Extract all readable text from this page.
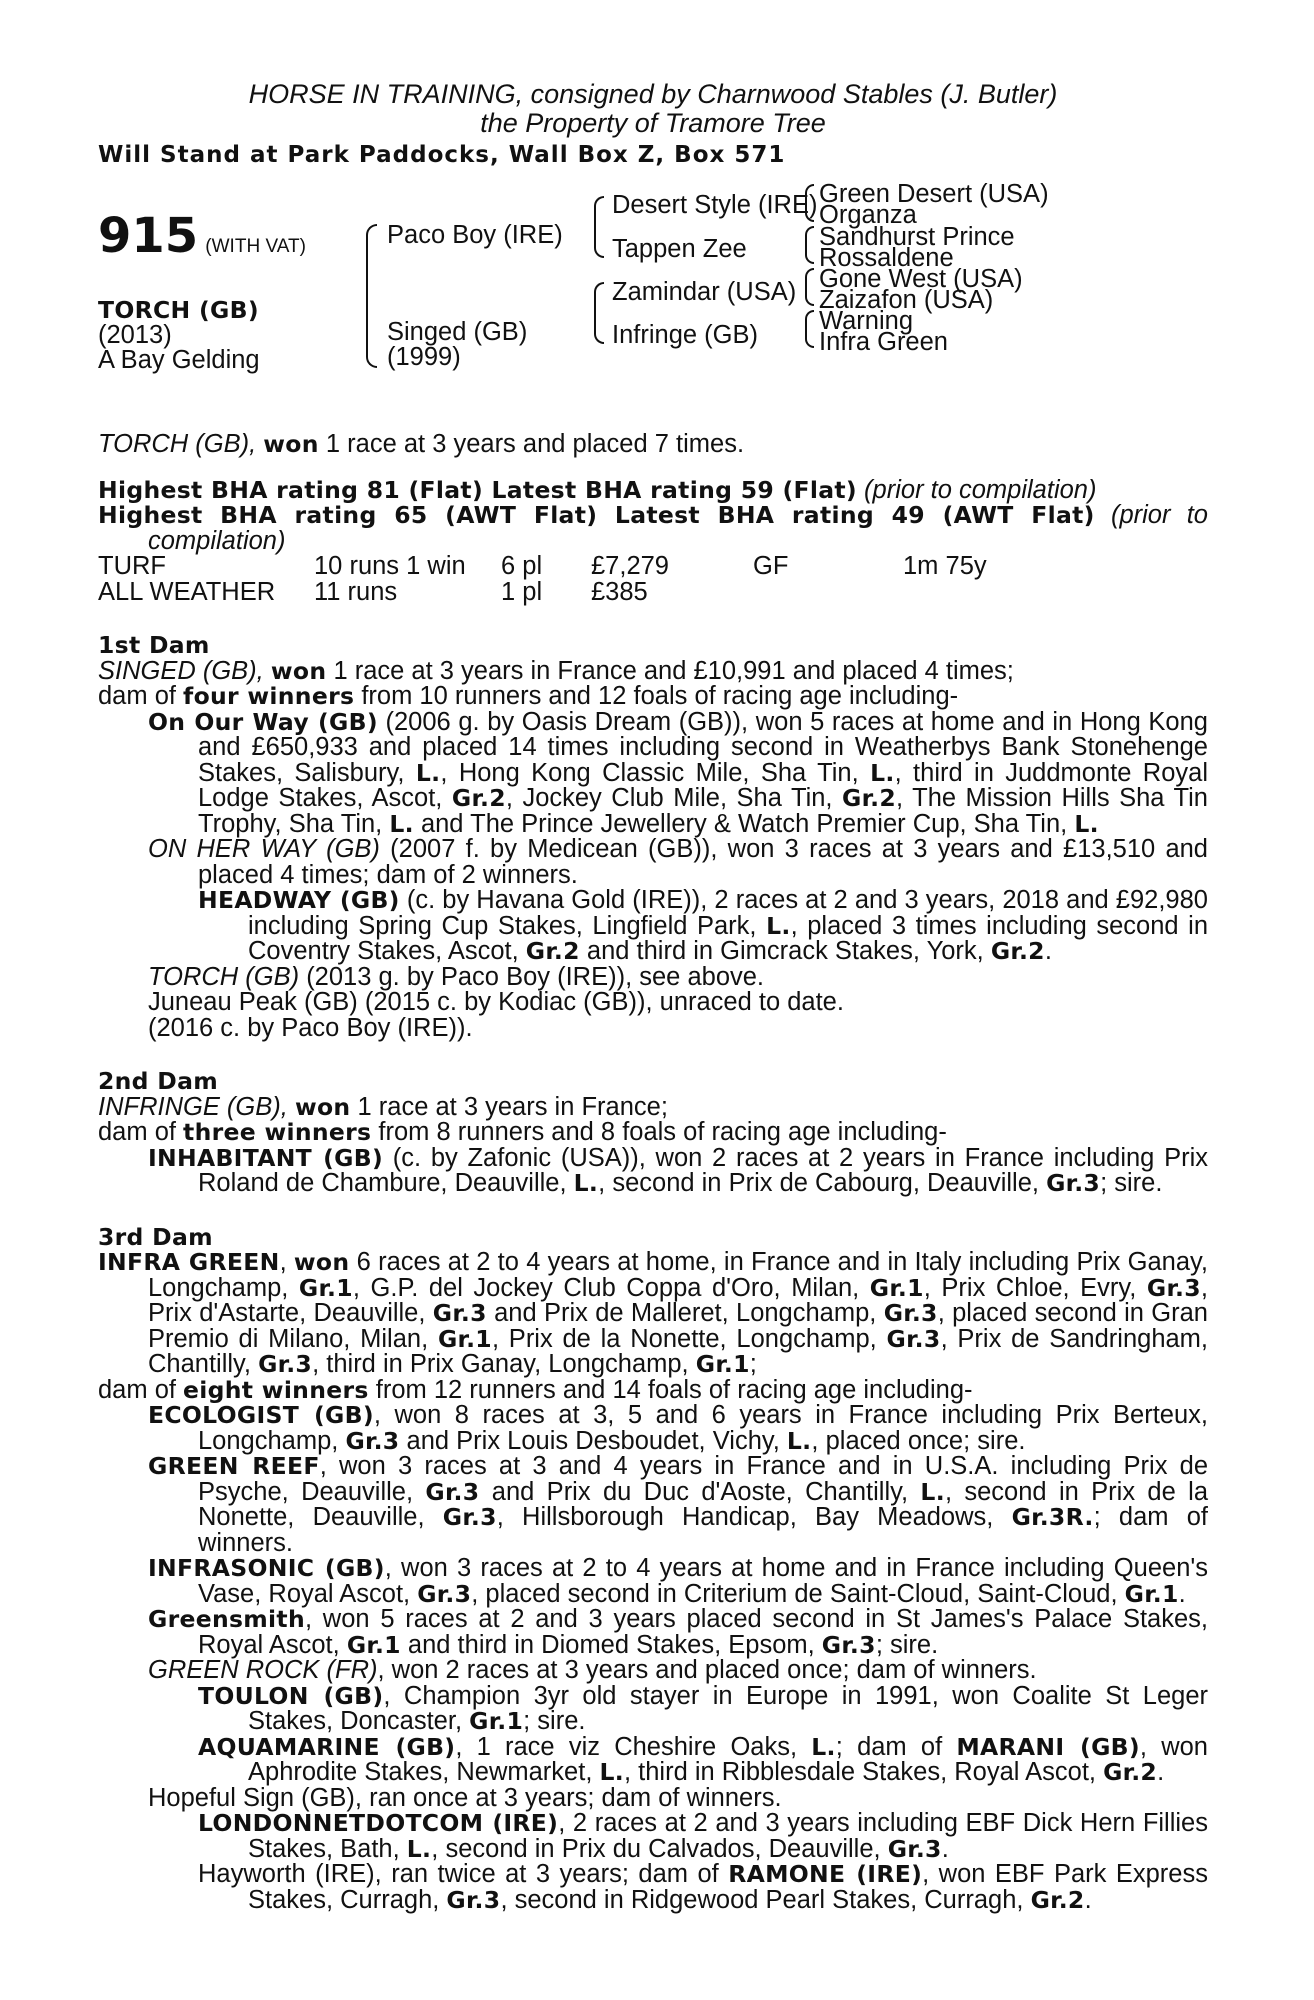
HORSE IN TRAINING, consigned by Charnwood Stables (J. Butler)
the Property of Tramore Tree
Will Stand at Park Paddocks, Wall Box Z, Box 571
915 (WITH VAT)
TORCH (GB)
(2013)
A Bay Gelding
Paco Boy (IRE)
Singed (GB)
(1999)
Desert Style (IRE)
Tappen Zee
Zamindar (USA)
Infringe (GB)
Green Desert (USA)
Organza
Sandhurst Prince
Rossaldene
Gone West (USA)
Zaizafon (USA)
Warning
Infra Green
TORCH (GB), won 1 race at 3 years and placed 7 times.
Highest BHA rating 81 (Flat) Latest BHA rating 59 (Flat) (prior to compilation)
Highest BHA rating 65 (AWT Flat) Latest BHA rating 49 (AWT Flat) (prior to compilation)
TURF	10 runs 1 win	6 pl	£7,279	GF	1m 75y
ALL WEATHER	11 runs	1 pl	£385
1st Dam
SINGED (GB), won 1 race at 3 years in France and £10,991 and placed 4 times;
dam of four winners from 10 runners and 12 foals of racing age including-
On Our Way (GB) (2006 g. by Oasis Dream (GB)), won 5 races at home and in Hong Kong and £650,933 and placed 14 times including second in Weatherbys Bank Stonehenge Stakes, Salisbury, L., Hong Kong Classic Mile, Sha Tin, L., third in Juddmonte Royal Lodge Stakes, Ascot, Gr.2, Jockey Club Mile, Sha Tin, Gr.2, The Mission Hills Sha Tin Trophy, Sha Tin, L. and The Prince Jewellery & Watch Premier Cup, Sha Tin, L.
ON HER WAY (GB) (2007 f. by Medicean (GB)), won 3 races at 3 years and £13,510 and placed 4 times; dam of 2 winners.
HEADWAY (GB) (c. by Havana Gold (IRE)), 2 races at 2 and 3 years, 2018 and £92,980 including Spring Cup Stakes, Lingfield Park, L., placed 3 times including second in Coventry Stakes, Ascot, Gr.2 and third in Gimcrack Stakes, York, Gr.2.
TORCH (GB) (2013 g. by Paco Boy (IRE)), see above.
Juneau Peak (GB) (2015 c. by Kodiac (GB)), unraced to date.
(2016 c. by Paco Boy (IRE)).
2nd Dam
INFRINGE (GB), won 1 race at 3 years in France;
dam of three winners from 8 runners and 8 foals of racing age including-
INHABITANT (GB) (c. by Zafonic (USA)), won 2 races at 2 years in France including Prix Roland de Chambure, Deauville, L., second in Prix de Cabourg, Deauville, Gr.3; sire.
3rd Dam
INFRA GREEN, won 6 races at 2 to 4 years at home, in France and in Italy including Prix Ganay, Longchamp, Gr.1, G.P. del Jockey Club Coppa d'Oro, Milan, Gr.1, Prix Chloe, Evry, Gr.3, Prix d'Astarte, Deauville, Gr.3 and Prix de Malleret, Longchamp, Gr.3, placed second in Gran Premio di Milano, Milan, Gr.1, Prix de la Nonette, Longchamp, Gr.3, Prix de Sandringham, Chantilly, Gr.3, third in Prix Ganay, Longchamp, Gr.1;
dam of eight winners from 12 runners and 14 foals of racing age including-
ECOLOGIST (GB), won 8 races at 3, 5 and 6 years in France including Prix Berteux, Longchamp, Gr.3 and Prix Louis Desboudet, Vichy, L., placed once; sire.
GREEN REEF, won 3 races at 3 and 4 years in France and in U.S.A. including Prix de Psyche, Deauville, Gr.3 and Prix du Duc d'Aoste, Chantilly, L., second in Prix de la Nonette, Deauville, Gr.3, Hillsborough Handicap, Bay Meadows, Gr.3R.; dam of winners.
INFRASONIC (GB), won 3 races at 2 to 4 years at home and in France including Queen's Vase, Royal Ascot, Gr.3, placed second in Criterium de Saint-Cloud, Saint-Cloud, Gr.1.
Greensmith, won 5 races at 2 and 3 years placed second in St James's Palace Stakes, Royal Ascot, Gr.1 and third in Diomed Stakes, Epsom, Gr.3; sire.
GREEN ROCK (FR), won 2 races at 3 years and placed once; dam of winners.
TOULON (GB), Champion 3yr old stayer in Europe in 1991, won Coalite St Leger Stakes, Doncaster, Gr.1; sire.
AQUAMARINE (GB), 1 race viz Cheshire Oaks, L.; dam of MARANI (GB), won Aphrodite Stakes, Newmarket, L., third in Ribblesdale Stakes, Royal Ascot, Gr.2.
Hopeful Sign (GB), ran once at 3 years; dam of winners.
LONDONNETDOTCOM (IRE), 2 races at 2 and 3 years including EBF Dick Hern Fillies Stakes, Bath, L., second in Prix du Calvados, Deauville, Gr.3.
Hayworth (IRE), ran twice at 3 years; dam of RAMONE (IRE), won EBF Park Express Stakes, Curragh, Gr.3, second in Ridgewood Pearl Stakes, Curragh, Gr.2.
